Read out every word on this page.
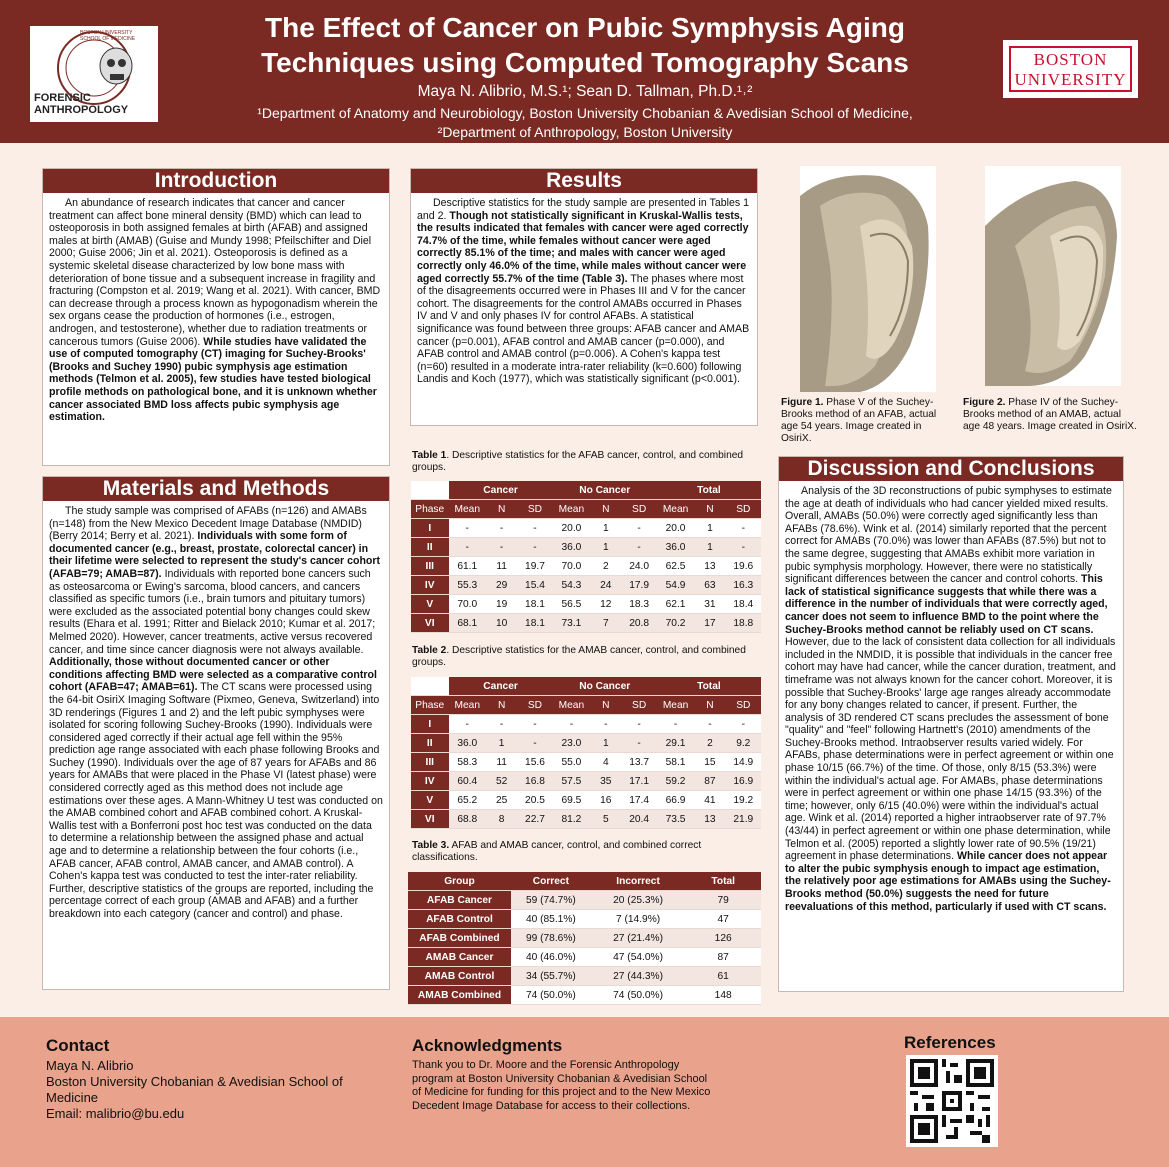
FORENSIC
ANTHROPOLOGY
BOSTON UNIVERSITY SCHOOL OF MEDICINE	The Effect of Cancer on Pubic Symphysis Aging
Techniques using Computed Tomography Scans
Maya N. Alibrio, M.S.¹; Sean D. Tallman, Ph.D.¹˒²
¹Department of Anatomy and Neurobiology, Boston University Chobanian & Avedisian School of Medicine,
²Department of Anthropology, Boston University
BOSTON
UNIVERSITY
Introduction
An abundance of research indicates that cancer and cancer treatment can affect bone mineral density (BMD) which can lead to osteoporosis in both assigned females at birth (AFAB) and assigned males at birth (AMAB) (Guise and Mundy 1998; Pfeilschifter and Diel 2000; Guise 2006; Jin et al. 2021). Osteoporosis is defined as a systemic skeletal disease characterized by low bone mass with deterioration of bone tissue and a subsequent increase in fragility and fracturing (Compston et al. 2019; Wang et al. 2021). With cancer, BMD can decrease through a process known as hypogonadism wherein the sex organs cease the production of hormones (i.e., estrogen, androgen, and testosterone), whether due to radiation treatments or cancerous tumors (Guise 2006). While studies have validated the use of computed tomography (CT) imaging for Suchey-Brooks' (Brooks and Suchey 1990) pubic symphysis age estimation methods (Telmon et al. 2005), few studies have tested biological profile methods on pathological bone, and it is unknown whether cancer associated BMD loss affects pubic symphysis age estimation.
Materials and Methods
The study sample was comprised of AFABs (n=126) and AMABs (n=148) from the New Mexico Decedent Image Database (NMDID) (Berry 2014; Berry et al. 2021). Individuals with some form of documented cancer (e.g., breast, prostate, colorectal cancer) in their lifetime were selected to represent the study's cancer cohort (AFAB=79; AMAB=87). Individuals with reported bone cancers such as osteosarcoma or Ewing's sarcoma, blood cancers, and cancers classified as specific tumors (i.e., brain tumors and pituitary tumors) were excluded as the associated potential bony changes could skew results (Ehara et al. 1991; Ritter and Bielack 2010; Kumar et al. 2017; Melmed 2020). However, cancer treatments, active versus recovered cancer, and time since cancer diagnosis were not always available. Additionally, those without documented cancer or other conditions affecting BMD were selected as a comparative control cohort (AFAB=47; AMAB=61). The CT scans were processed using the 64-bit OsiriX Imaging Software (Pixmeo, Geneva, Switzerland) into 3D renderings (Figures 1 and 2) and the left pubic symphyses were isolated for scoring following Suchey-Brooks (1990). Individuals were considered aged correctly if their actual age fell within the 95% prediction age range associated with each phase following Brooks and Suchey (1990). Individuals over the age of 87 years for AFABs and 86 years for AMABs that were placed in the Phase VI (latest phase) were considered correctly aged as this method does not include age estimations over these ages. A Mann-Whitney U test was conducted on the AMAB combined cohort and AFAB combined cohort. A Kruskal-Wallis test with a Bonferroni post hoc test was conducted on the data to determine a relationship between the assigned phase and actual age and to determine a relationship between the four cohorts (i.e., AFAB cancer, AFAB control, AMAB cancer, and AMAB control). A Cohen's kappa test was conducted to test the inter-rater reliability. Further, descriptive statistics of the groups are reported, including the percentage correct of each group (AMAB and AFAB) and a further breakdown into each category (cancer and control) and phase.
Results
Descriptive statistics for the study sample are presented in Tables 1 and 2. Though not statistically significant in Kruskal-Wallis tests, the results indicated that females with cancer were aged correctly 74.7% of the time, while females without cancer were aged correctly 85.1% of the time; and males with cancer were aged correctly only 46.0% of the time, while males without cancer were aged correctly 55.7% of the time (Table 3). The phases where most of the disagreements occurred were in Phases III and V for the cancer cohort. The disagreements for the control AMABs occurred in Phases IV and V and only phases IV for control AFABs. A statistical significance was found between three groups: AFAB cancer and AMAB cancer (p=0.001), AFAB control and AMAB cancer (p=0.000), and AFAB control and AMAB control (p=0.006). A Cohen's kappa test (n=60) resulted in a moderate intra-rater reliability (k=0.600) following Landis and Koch (1977), which was statistically significant (p<0.001).
Table 1. Descriptive statistics for the AFAB cancer, control, and combined groups.
	Cancer			No Cancer			Total		
Phase	Mean	N	SD	Mean	N	SD	Mean	N	SD
I	-	-	-	20.0	1	-	20.0	1	-
II	-	-	-	36.0	1	-	36.0	1	-
III	61.1	11	19.7	70.0	2	24.0	62.5	13	19.6
IV	55.3	29	15.4	54.3	24	17.9	54.9	63	16.3
V	70.0	19	18.1	56.5	12	18.3	62.1	31	18.4
VI	68.1	10	18.1	73.1	7	20.8	70.2	17	18.8
Table 2. Descriptive statistics for the AMAB cancer, control, and combined groups.
	Cancer			No Cancer			Total		
Phase	Mean	N	SD	Mean	N	SD	Mean	N	SD
I	-	-	-	-	-	-	-	-	-
II	36.0	1	-	23.0	1	-	29.1	2	9.2
III	58.3	11	15.6	55.0	4	13.7	58.1	15	14.9
IV	60.4	52	16.8	57.5	35	17.1	59.2	87	16.9
V	65.2	25	20.5	69.5	16	17.4	66.9	41	19.2
VI	68.8	8	22.7	81.2	5	20.4	73.5	13	21.9
Table 3. AFAB and AMAB cancer, control, and combined correct classifications.
Group	Correct	Incorrect	Total
AFAB Cancer	59 (74.7%)	20 (25.3%)	79
AFAB Control	40 (85.1%)	7 (14.9%)	47
AFAB Combined	99 (78.6%)	27 (21.4%)	126
AMAB Cancer	40 (46.0%)	47 (54.0%)	87
AMAB Control	34 (55.7%)	27 (44.3%)	61
AMAB Combined	74 (50.0%)	74 (50.0%)	148
L
Figure 1. Phase V of the Suchey-Brooks method of an AFAB, actual age 54 years. Image created in OsiriX.
L
Figure 2. Phase IV of the Suchey-Brooks method of an AMAB, actual age 48 years. Image created in OsiriX.
Discussion and Conclusions
Analysis of the 3D reconstructions of pubic symphyses to estimate the age at death of individuals who had cancer yielded mixed results. Overall, AMABs (50.0%) were correctly aged significantly less than AFABs (78.6%). Wink et al. (2014) similarly reported that the percent correct for AMABs (70.0%) was lower than AFABs (87.5%) but not to the same degree, suggesting that AMABs exhibit more variation in pubic symphysis morphology. However, there were no statistically significant differences between the cancer and control cohorts. This lack of statistical significance suggests that while there was a difference in the number of individuals that were correctly aged, cancer does not seem to influence BMD to the point where the Suchey-Brooks method cannot be reliably used on CT scans. However, due to the lack of consistent data collection for all individuals included in the NMDID, it is possible that individuals in the cancer free cohort may have had cancer, while the cancer duration, treatment, and timeframe was not always known for the cancer cohort. Moreover, it is possible that Suchey-Brooks' large age ranges already accommodate for any bony changes related to cancer, if present. Further, the analysis of 3D rendered CT scans precludes the assessment of bone "quality" and "feel" following Hartnett's (2010) amendments of the Suchey-Brooks method. Intraobserver results varied widely. For AFABs, phase determinations were in perfect agreement or within one phase 10/15 (66.7%) of the time. Of those, only 8/15 (53.3%) were within the individual's actual age. For AMABs, phase determinations were in perfect agreement or within one phase 14/15 (93.3%) of the time; however, only 6/15 (40.0%) were within the individual's actual age. Wink et al. (2014) reported a higher intraobserver rate of 97.7% (43/44) in perfect agreement or within one phase determination, while Telmon et al. (2005) reported a slightly lower rate of 90.5% (19/21) agreement in phase determinations. While cancer does not appear to alter the pubic symphysis enough to impact age estimation, the relatively poor age estimations for AMABs using the Suchey-Brooks method (50.0%) suggests the need for future reevaluations of this method, particularly if used with CT scans.
Contact
Maya N. Alibrio
Boston University Chobanian & Avedisian School of
Medicine
Email: malibrio@bu.edu
Acknowledgments
Thank you to Dr. Moore and the Forensic Anthropology program at Boston University Chobanian & Avedisian School of Medicine for funding for this project and to the New Mexico Decedent Image Database for access to their collections.
References
